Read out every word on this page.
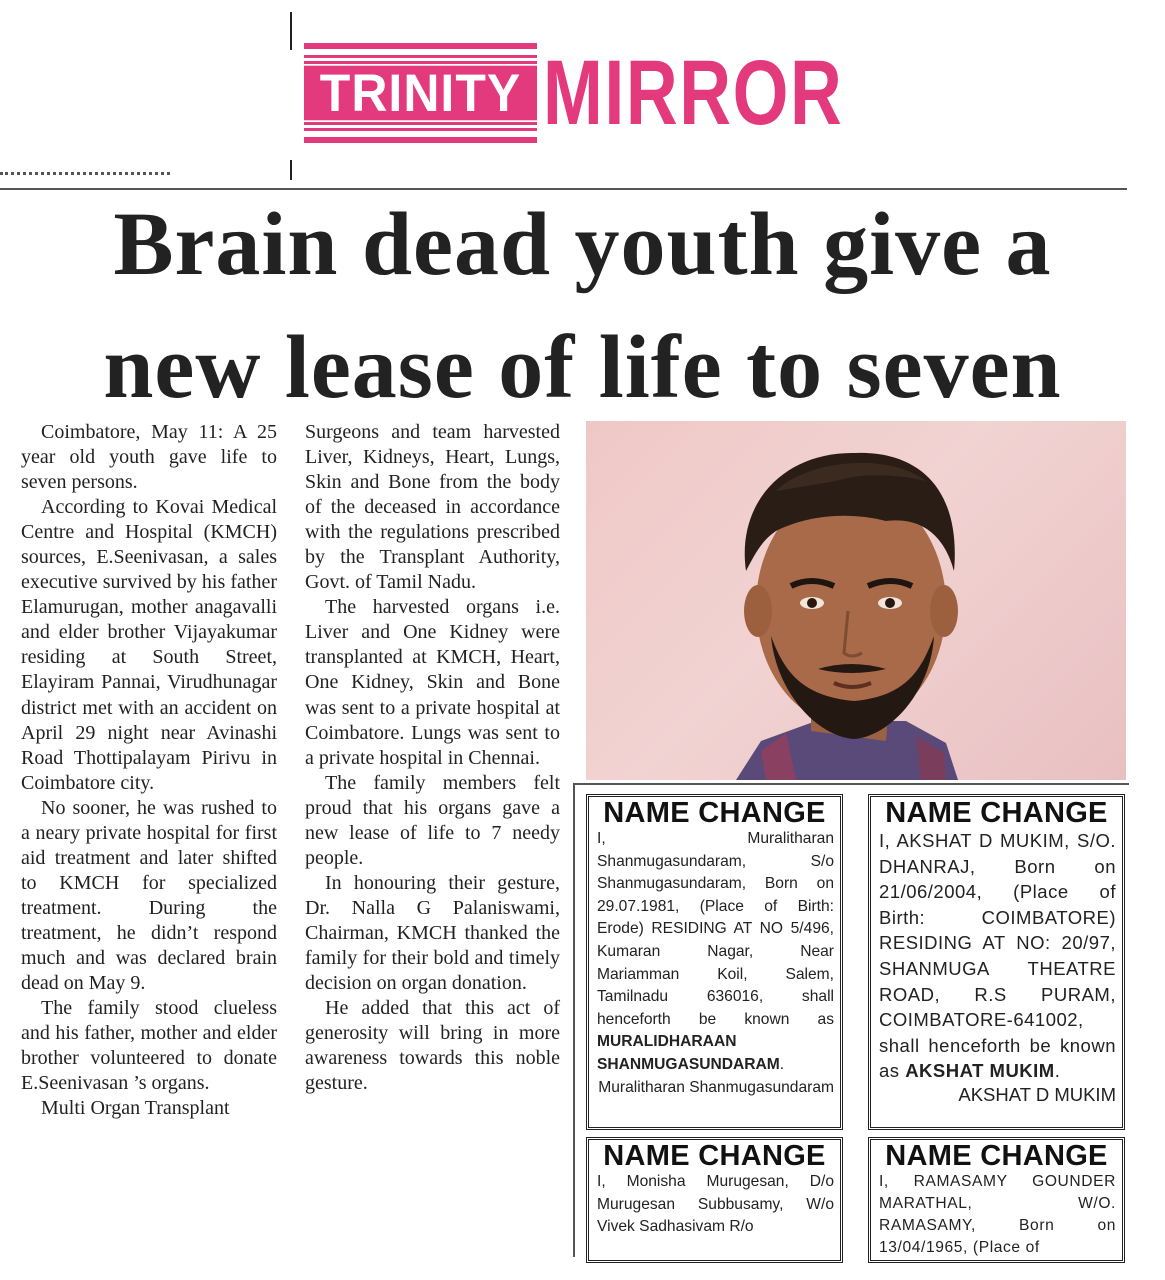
TRINITY MIRROR
Brain dead youth give a
new lease of life to seven

Coimbatore, May 11: A 25 year old youth gave life to seven persons.

According to Kovai Medical Centre and Hospital (KMCH) sources, E.Seenivasan, a sales executive survived by his father Elamurugan, mother anagavalli and elder brother Vijayakumar residing at South Street, Elayiram Pannai, Virudhunagar district met with an accident on April 29 night near Avinashi Road Thottipalayam Pirivu in Coimbatore city.

No sooner, he was rushed to a neary private hospital for first aid treatment and later shifted to KMCH for specialized treatment. During the treatment, he didn’t respond much and was declared brain dead on May 9.

The family stood clueless and his father, mother and elder brother volunteered to donate E.Seenivasan ’s organs.

Multi Organ Transplant

Surgeons and team harvested Liver, Kidneys, Heart, Lungs, Skin and Bone from the body of the deceased in accordance with the regulations prescribed by the Transplant Authority, Govt. of Tamil Nadu.

The harvested organs i.e. Liver and One Kidney were transplanted at KMCH, Heart, One Kidney, Skin and Bone was sent to a private hospital at Coimbatore. Lungs was sent to a private hospital in Chennai.

The family members felt proud that his organs gave a new lease of life to 7 needy people.

In honouring their gesture, Dr. Nalla G Palaniswami, Chairman, KMCH thanked the family for their bold and timely decision on organ donation.

He added that this act of generosity will bring in more awareness towards this noble gesture.

NAME CHANGE
I, Muralitharan Shanmugasundaram, S/o Shanmugasundaram, Born on 29.07.1981, (Place of Birth: Erode) RESIDING AT NO 5/496, Kumaran Nagar, Near Mariamman Koil, Salem, Tamilnadu 636016, shall henceforth be known as MURALIDHARAAN SHANMUGASUNDARAM.
Muralitharan Shanmugasundaram
NAME CHANGE
I, AKSHAT D MUKIM, S/O. DHANRAJ, Born on 21/06/2004, (Place of Birth: COIMBATORE) RESIDING AT NO: 20/97, SHANMUGA THEATRE ROAD, R.S PURAM, COIMBATORE-641002, shall henceforth be known as AKSHAT MUKIM.
AKSHAT D MUKIM
NAME CHANGE
I, Monisha Murugesan, D/o Murugesan Subbusamy, W/o Vivek Sadhasivam R/o
NAME CHANGE
I, RAMASAMY GOUNDER MARATHAL, W/O. RAMASAMY, Born on 13/04/1965, (Place of
